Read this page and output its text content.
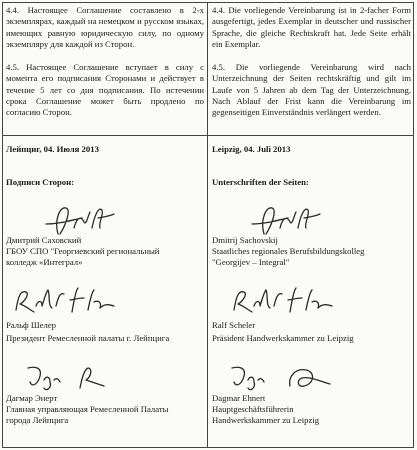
4.4. Настоящее Соглашение составлено в 2-х экземплярах, каждый на немецком и русском языках, имеющих равную юридическую силу, по одному экземпляру для каждой из Сторон.

4.5. Настоящее Соглашение вступает в силу с момента его подписания Сторонами и действует в течение 5 лет со дня подписания. По истечении срока Соглашение может быть продлено по согласию Сторон.

Лейпциг, 04. Июля 2013
Подписи Сторон:
Дмитрий Саховский
ГБОУ СПО "Георгиевский региональный
колледж «Интеграл»
Ральф Шелер
Президент Ремесленной палаты г. Лейпцига
Дагмар Энерт
Главная управляющая Ремесленной Палаты
города Лейпцига

4.4. Die vorliegende Vereinbarung ist in 2-facher Form ausgefertigt, jedes Exemplar in deutscher und russischer Sprache, die gleiche Rechtskraft hat. Jede Seite erhält ein Exemplar.

4.5. Die vorliegende Vereinbarung wird nach Unterzeichnung der Seiten rechtskräftig und gilt im Laufe von 5 Jahren ab dem Tag der Unterzeichnung. Nach Ablauf der Frist kann die Vereinbarung im gegenseitigen Einverständnis verlängert werden.

Leipzig, 04. Juli 2013
Unterschriften der Seiten:
Dmitrij Sachovskij
Staatliches regionales Berufsbildungskolleg
"Georgijev – Integral"
Ralf Scheler
Präsident Handwerkskammer zu Leipzig
Dagmar Ehnert
Hauptgeschäftsführerin
Handwerkskammer zu Leipzig
